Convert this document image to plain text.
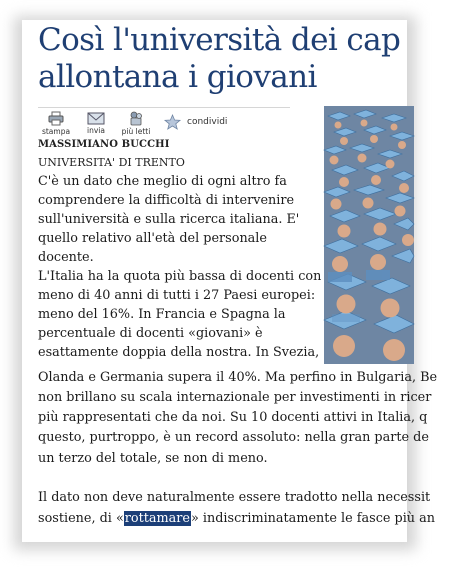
Così l'università dei cap
allontana i giovani
stampa	invia	più letti
condividi

MASSIMIANO BUCCHI

UNIVERSITA' DI TRENTO

C'è un dato che meglio di ogni altro fa

comprendere la difficoltà di intervenire

sull'università e sulla ricerca italiana. E'

quello relativo all'età del personale

docente.

L'Italia ha la quota più bassa di docenti con

meno di 40 anni di tutti i 27 Paesi europei:

meno del 16%. In Francia e Spagna la

percentuale di docenti «giovani» è

esattamente doppia della nostra. In Svezia,

Olanda e Germania supera il 40%. Ma perfino in Bulgaria, Be

non brillano su scala internazionale per investimenti in ricer

più rappresentati che da noi. Su 10 docenti attivi in Italia, q

questo, purtroppo, è un record assoluto: nella gran parte de

un terzo del totale, se non di meno.

Il dato non deve naturalmente essere tradotto nella necessit

sostiene, di «rottamare» indiscriminatamente le fasce più an
